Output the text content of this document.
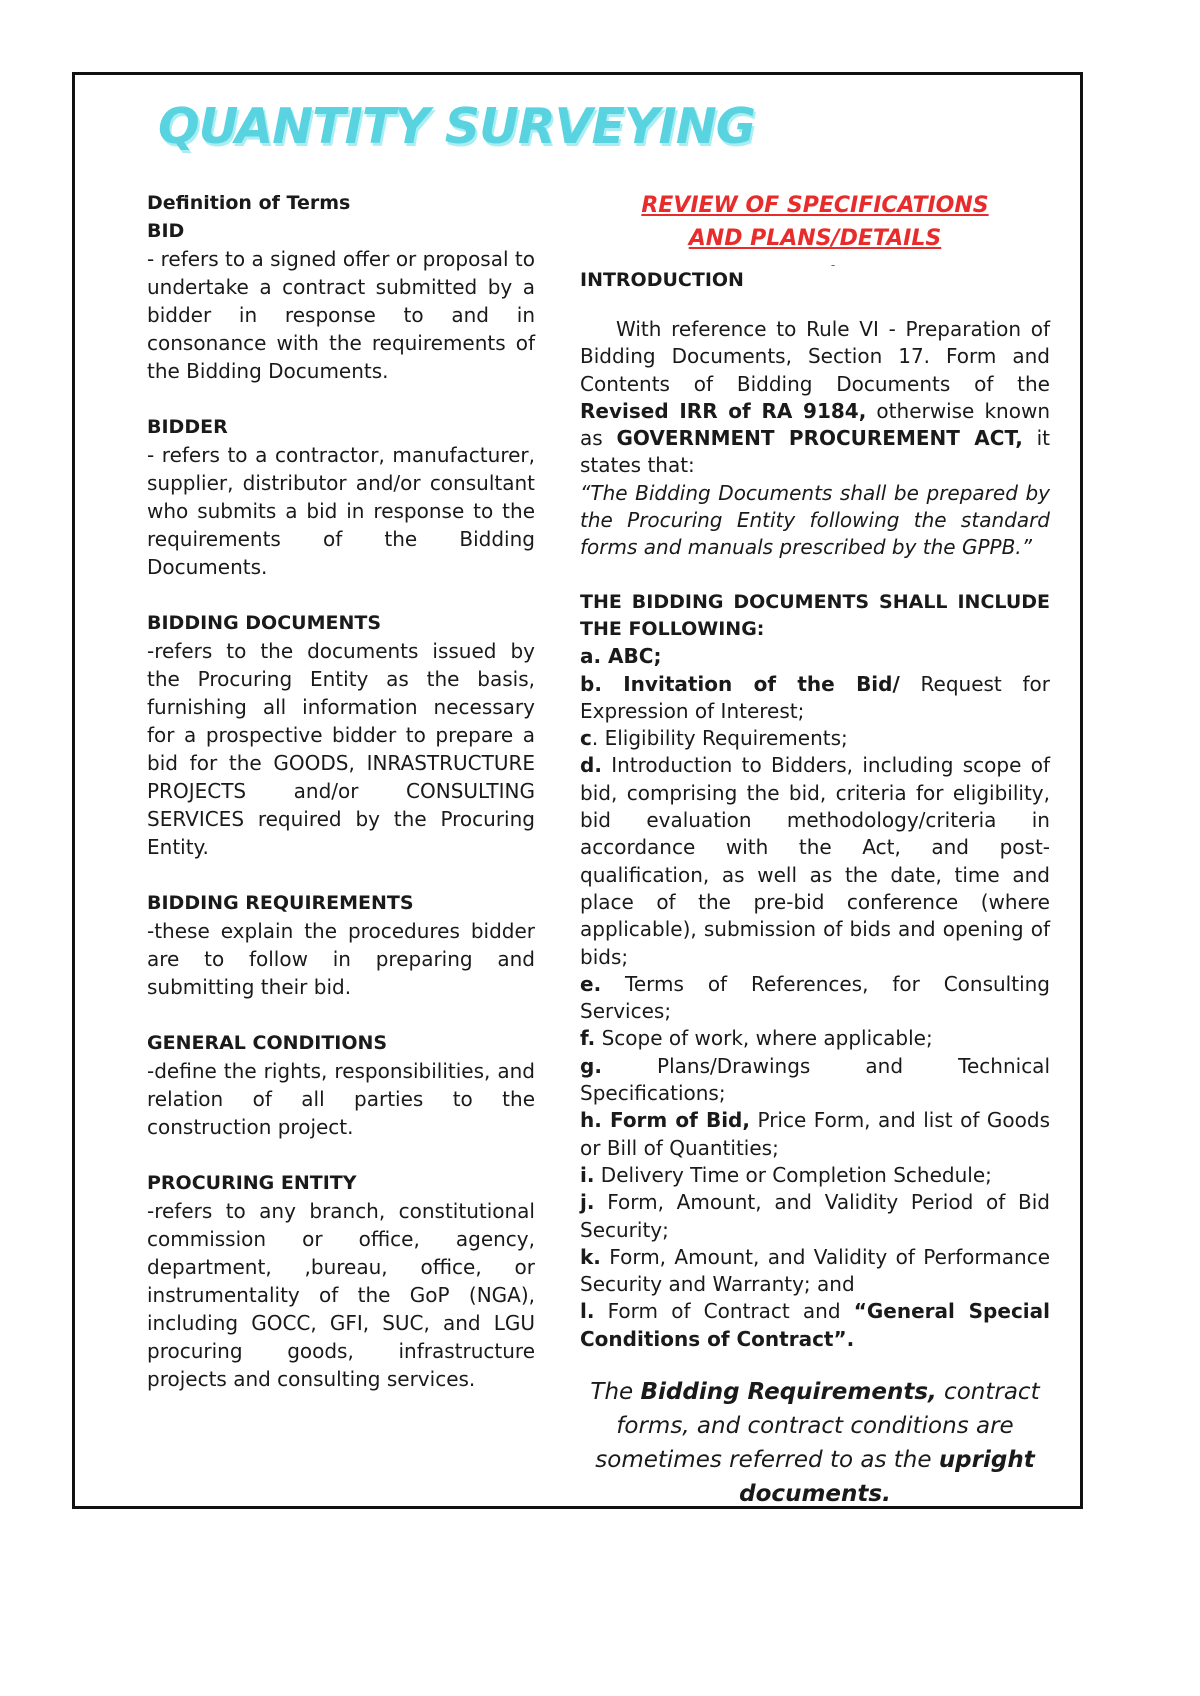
QUANTITY SURVEYING
Definition of Terms
BID

- refers to a signed offer or proposal to undertake a contract submitted by a bidder in response to and in consonance with the requirements of the Bidding Documents.

BIDDER

- refers to a contractor, manufacturer, supplier, distributor and/or consultant who submits a bid in response to the requirements of the Bidding Documents.

BIDDING DOCUMENTS

-refers to the documents issued by the Procuring Entity as the basis, furnishing all information necessary for a prospective bidder to prepare a bid for the GOODS, INRASTRUCTURE PROJECTS and/or CONSULTING SERVICES required by the Procuring Entity.

BIDDING REQUIREMENTS

-these explain the procedures bidder are to follow in preparing and submitting their bid.

GENERAL CONDITIONS

-define the rights, responsibilities, and relation of all parties to the construction project.

PROCURING ENTITY

-refers to any branch, constitutional commission or office, agency, department, ,bureau, office, or instrumentality of the GoP (NGA), including GOCC, GFI, SUC, and LGU procuring goods, infrastructure projects and consulting services.

REVIEW OF SPECIFICATIONS
AND PLANS/DETAILS

-
INTRODUCTION

With reference to Rule VI - Preparation of Bidding Documents, Section 17. Form and Contents of Bidding Documents of the Revised IRR of RA 9184, otherwise known as GOVERNMENT PROCUREMENT ACT, it states that:

“The Bidding Documents shall be prepared by the Procuring Entity following the standard forms and manuals prescribed by the GPPB.”

THE BIDDING DOCUMENTS SHALL INCLUDE THE FOLLOWING:
a. ABC;
b. Invitation of the Bid/ Request for Expression of Interest;
c. Eligibility Requirements;
d. Introduction to Bidders, including scope of bid, comprising the bid, criteria for eligibility, bid evaluation methodology/criteria in accordance with the Act, and post-qualification, as well as the date, time and place of the pre-bid conference (where applicable), submission of bids and opening of bids;
e. Terms of References, for Consulting Services;
f. Scope of work, where applicable;
g. Plans/Drawings and Technical Specifications;
h. Form of Bid, Price Form, and list of Goods or Bill of Quantities;
i. Delivery Time or Completion Schedule;
j. Form, Amount, and Validity Period of Bid Security;
k. Form, Amount, and Validity of Performance Security and Warranty; and
l. Form of Contract and “General Special Conditions of Contract”.

The Bidding Requirements, contract forms, and contract conditions are sometimes referred to as the upright documents.
